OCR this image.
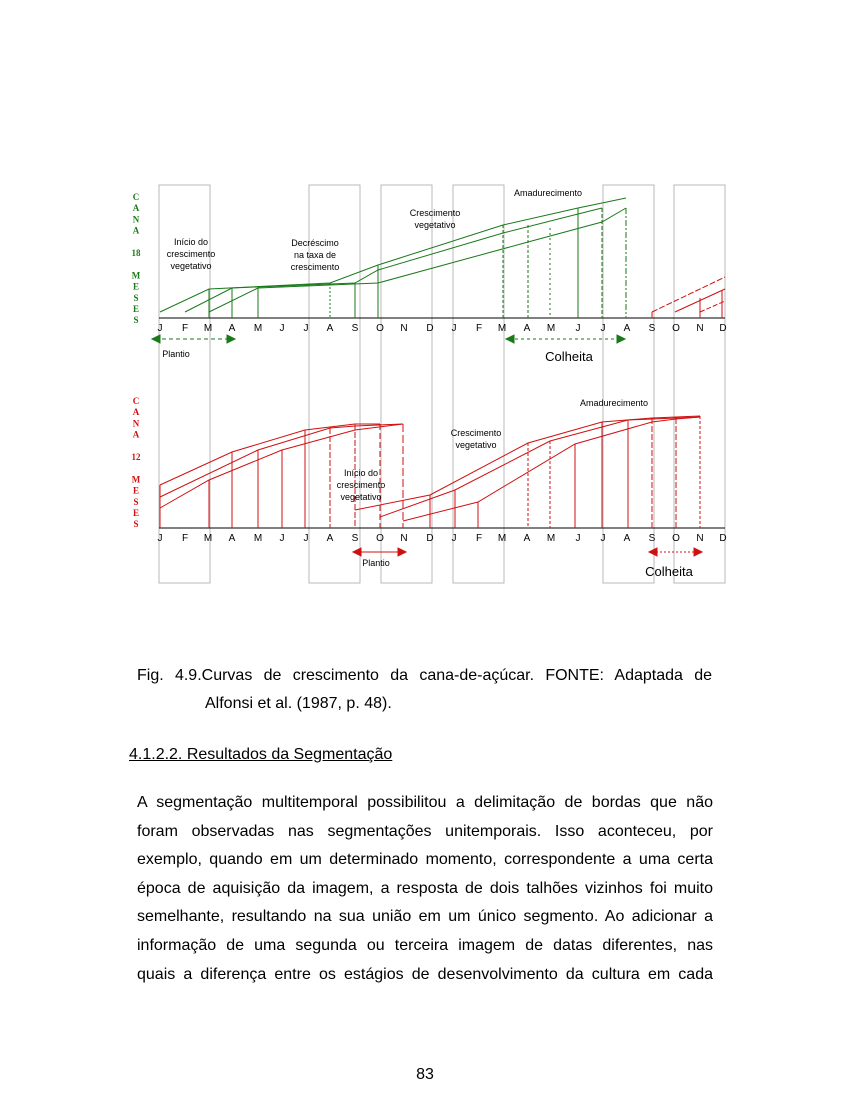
C
A
N
A
18
M
E
S
E
S
J F M A M J J A S O N D J F M A M J J A S O N D
Início do
crescimento
vegetativo
Decréscimo
na taxa de
crescimento
Crescimento
vegetativo
Amadurecimento
Plantio	Colheita
C
A
N
A
12
M
E
S
E
S
J F M A M J J A S O N D J F M A M J J A S O N D
Amadurecimento
Crescimento
vegetativo
Início do
crescimento
vegetativo
Plantio
Colheita
Fig. 4.9.Curvas de crescimento da cana-de-açúcar. FONTE: Adaptada de
Alfonsi et al. (1987, p. 48).
4.1.2.2. Resultados da Segmentação
A segmentação multitemporal possibilitou a delimitação de bordas que não
foram observadas nas segmentações unitemporais. Isso aconteceu, por
exemplo, quando em um determinado momento, correspondente a uma certa
época de aquisição da imagem, a resposta de dois talhões vizinhos foi muito
semelhante, resultando na sua união em um único segmento. Ao adicionar a
informação de uma segunda ou terceira imagem de datas diferentes, nas
quais a diferença entre os estágios de desenvolvimento da cultura em cada
83
